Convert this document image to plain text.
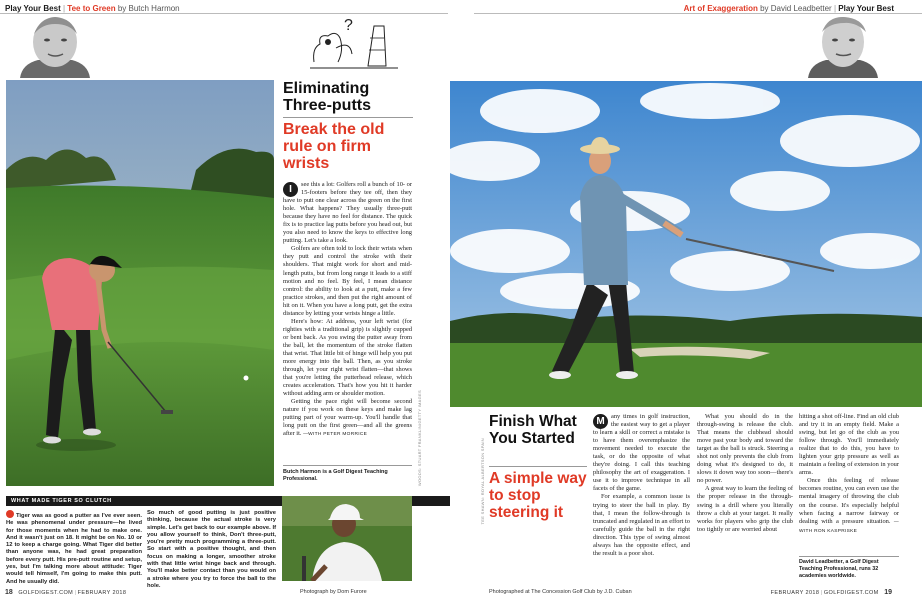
Play Your Best | Tee to Green by Butch Harmon
?
Eliminating Three-putts
Break the old rule on firm wrists

I	see this a lot: Golfers roll a bunch of 10- or 15-footers before they tee off, then they have to putt one clear across the green on the first hole. What happens? They usually three-putt because they have no feel for distance. The quick fix is to practice lag putts before you head out, but you also need to know the keys to effective long putting. Let's take a look.

Golfers are often told to lock their wrists when they putt and control the stroke with their shoulders. That might work for short and mid-length putts, but from long range it leads to a stiff motion and no feel. By feel, I mean distance control: the ability to look at a putt, make a few practice strokes, and then put the right amount of hit on it. When you have a long putt, get the extra distance by letting your wrists hinge a little.

Here's how: At address, your left wrist (for righties with a traditional grip) is slightly cupped or bent back. As you swing the putter away from the ball, let the momentum of the stroke flatten that wrist. That little bit of hinge will help you put more energy into the ball. Then, as you stroke through, let your right wrist flatten—that shows that you're letting the putterhead release, which creates acceleration. That's how you hit it harder without adding arm or shoulder motion.

Getting the pace right will become second nature if you work on these keys and make lag putting part of your warm-up. You'll handle that long putt on the first green—and all the greens after it. —WITH PETER MORRICE

Butch Harmon is a Golf Digest Teaching Professional.	WOODS: STUART FRANKLIN/GETTY IMAGES
WHAT MADE TIGER SO CLUTCH
Tiger was as good a putter as I've ever seen. He was phenomenal under pressure—he lived for those moments when he had to make one. And it wasn't just on 18. It might be on No. 10 or 12 to keep a charge going. What Tiger did better than anyone was, he had great preparation before every putt. His pre-putt routine and setup, yes, but I'm talking more about attitude: Tiger would tell himself, I'm going to make this putt. And he usually did.
So much of good putting is just positive thinking, because the actual stroke is very simple. Let's get back to our example above. If you allow yourself to think, Don't three-putt, you're pretty much programming a three-putt. So start with a positive thought, and then focus on making a longer, smoother stroke with that little wrist hinge back and through. You'll make better contact than you would on a stroke where you try to force the ball to the hole.
18 GOLFDIGEST.COM | FEBRUARY 2018	Photograph by Dom Furore
Art of Exaggeration by David Leadbetter | Play Your Best
TEE SHAWN: ROYAL ALBERTSON SPAIN
Finish What You Started
A simple way to stop steering it

M any times in golf instruction, the easiest way to get a player to learn a skill or correct a mistake is to have them overemphasize the movement needed to execute the task, or do the opposite of what they're doing. I call this teaching philosophy the art of exaggeration. I use it to improve technique in all facets of the game.

For example, a common issue is trying to steer the ball in play. By that, I mean the follow-through is truncated and regulated in an effort to carefully guide the ball in the right direction. This type of swing almost always has the opposite effect, and the result is a poor shot.

What you should do in the through-swing is release the club. That means the clubhead should move past your body and toward the target as the ball is struck. Steering a shot not only prevents the club from doing what it's designed to do, it slows it down way too soon—there's no power.

A great way to learn the feeling of the proper release in the through-swing is a drill where you literally throw a club at your target. It really works for players who grip the club too tightly or are worried about

hitting a shot off-line. Find an old club and try it in an empty field. Make a swing, but let go of the club as you follow through. You'll immediately realize that to do this, you have to lighten your grip pressure as well as maintain a feeling of extension in your arms.

Once this feeling of release becomes routine, you can even use the mental imagery of throwing the club on the course. It's especially helpful when facing a narrow fairway or dealing with a pressure situation. —WITH RON KASPRISKE

David Leadbetter, a Golf Digest Teaching Professional, runs 32 academies worldwide.
Photographed at The Concession Golf Club by J.D. Cuban	FEBRUARY 2018 | GOLFDIGEST.COM 19
